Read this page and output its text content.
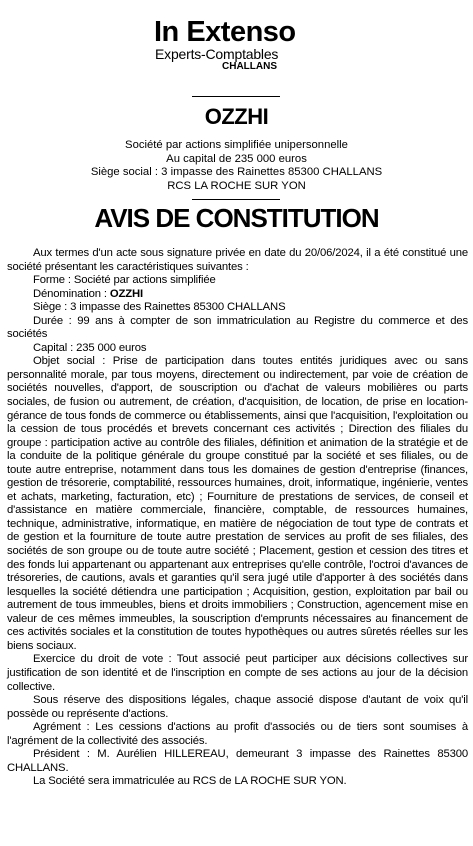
In Extenso
Experts-Comptables
CHALLANS
OZZHI
Société par actions simplifiée unipersonnelle
Au capital de 235 000 euros
Siège social : 3 impasse des Rainettes 85300 CHALLANS
RCS LA ROCHE SUR YON
AVIS DE CONSTITUTION

Aux termes d'un acte sous signature privée en date du 20/06/2024, il a été constitué une société présentant les caractéristiques suivantes :

Forme : Société par actions simplifiée

Dénomination : OZZHI

Siège : 3 impasse des Rainettes 85300 CHALLANS

Durée : 99 ans à compter de son immatriculation au Registre du commerce et des sociétés

Capital : 235 000 euros

Objet social : Prise de participation dans toutes entités juridiques avec ou sans personnalité morale, par tous moyens, directement ou indirectement, par voie de création de sociétés nouvelles, d'apport, de souscription ou d'achat de valeurs mobilières ou parts sociales, de fusion ou autrement, de création, d'acquisition, de location, de prise en location-gérance de tous fonds de commerce ou établissements, ainsi que l'acquisition, l'exploitation ou la cession de tous procédés et brevets concernant ces activités ; Direction des filiales du groupe : participation active au contrôle des filiales, définition et animation de la stratégie et de la conduite de la politique générale du groupe constitué par la société et ses filiales, ou de toute autre entreprise, notamment dans tous les domaines de gestion d'entreprise (finances, gestion de trésorerie, comptabilité, ressources humaines, droit, informatique, ingénierie, ventes et achats, marketing, facturation, etc) ; Fourniture de prestations de services, de conseil et d'assistance en matière commerciale, financière, comptable, de ressources humaines, technique, administrative, informatique, en matière de négociation de tout type de contrats et de gestion et la fourniture de toute autre prestation de services au profit de ses filiales, des sociétés de son groupe ou de toute autre société ; Placement, gestion et cession des titres et des fonds lui appartenant ou appartenant aux entreprises qu'elle contrôle, l'octroi d'avances de trésoreries, de cautions, avals et garanties qu'il sera jugé utile d'apporter à des sociétés dans lesquelles la société détiendra une participation ; Acquisition, gestion, exploitation par bail ou autrement de tous immeubles, biens et droits immobiliers ; Construction, agencement mise en valeur de ces mêmes immeubles, la souscription d'emprunts nécessaires au financement de ces activités sociales et la constitution de toutes hypothèques ou autres sûretés réelles sur les biens sociaux.

Exercice du droit de vote : Tout associé peut participer aux décisions collectives sur justification de son identité et de l'inscription en compte de ses actions au jour de la décision collective.

Sous réserve des dispositions légales, chaque associé dispose d'autant de voix qu'il possède ou représente d'actions.

Agrément : Les cessions d'actions au profit d'associés ou de tiers sont soumises à l'agrément de la collectivité des associés.

Président : M. Aurélien HILLEREAU, demeurant 3 impasse des Rainettes 85300 CHALLANS.

La Société sera immatriculée au RCS de LA ROCHE SUR YON.
